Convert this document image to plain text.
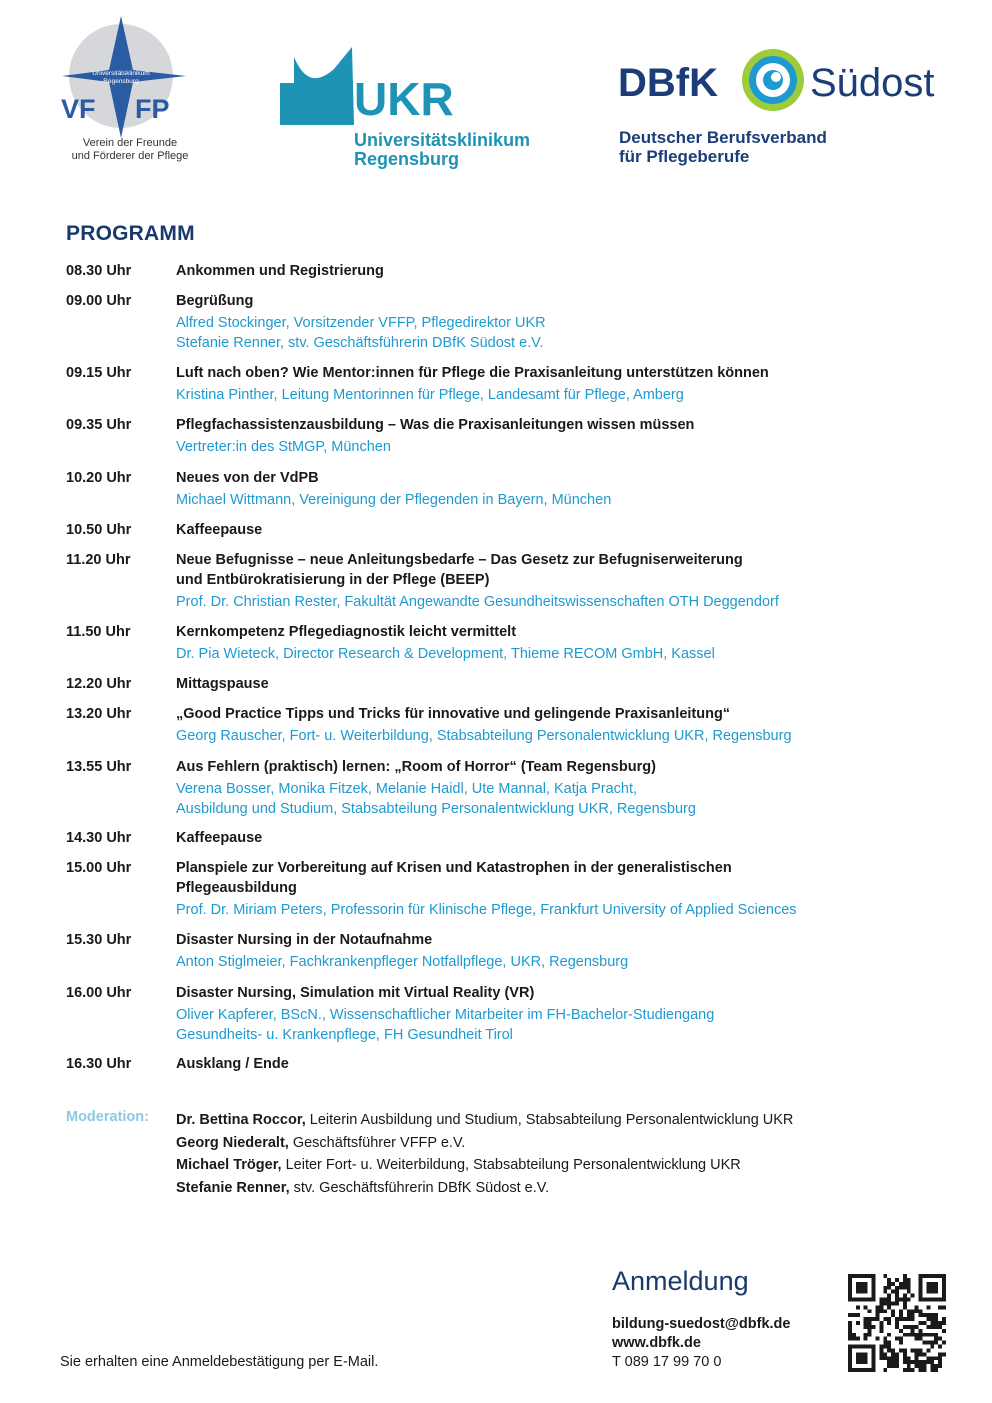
Universitätsklinikum
Regensburg
VF FP
Verein der Freunde
und Förderer der Pflege
UKR
Universitätsklinikum
Regensburg
DBfK Südost
Deutscher Berufsverband
für Pflegeberufe
PROGRAMM
08.30 Uhr	Ankommen und Registrierung
09.00 Uhr	Begrüßung
Alfred Stockinger, Vorsitzender VFFP, Pflegedirektor UKR
Stefanie Renner, stv. Geschäftsführerin DBfK Südost e.V.
09.15 Uhr	Luft nach oben? Wie Mentor:innen für Pflege die Praxisanleitung unterstützen können
Kristina Pinther, Leitung Mentorinnen für Pflege, Landesamt für Pflege, Amberg
09.35 Uhr	Pflegfachassistenzausbildung – Was die Praxisanleitungen wissen müssen
Vertreter:in des StMGP, München
10.20 Uhr	Neues von der VdPB
Michael Wittmann, Vereinigung der Pflegenden in Bayern, München
10.50 Uhr	Kaffeepause
11.20 Uhr	Neue Befugnisse – neue Anleitungsbedarfe – Das Gesetz zur Befugniserweiterung
und Entbürokratisierung in der Pflege (BEEP)
Prof. Dr. Christian Rester, Fakultät Angewandte Gesundheitswissenschaften OTH Deggendorf
11.50 Uhr	Kernkompetenz Pflegediagnostik leicht vermittelt
Dr. Pia Wieteck, Director Research & Development, Thieme RECOM GmbH, Kassel
12.20 Uhr	Mittagspause
13.20 Uhr	„Good Practice Tipps und Tricks für innovative und gelingende Praxisanleitung“
Georg Rauscher, Fort- u. Weiterbildung, Stabsabteilung Personalentwicklung UKR, Regensburg
13.55 Uhr	Aus Fehlern (praktisch) lernen: „Room of Horror“ (Team Regensburg)
Verena Bosser, Monika Fitzek, Melanie Haidl, Ute Mannal, Katja Pracht,
Ausbildung und Studium, Stabsabteilung Personalentwicklung UKR, Regensburg
14.30 Uhr	Kaffeepause
15.00 Uhr	Planspiele zur Vorbereitung auf Krisen und Katastrophen in der generalistischen
Pflegeausbildung
Prof. Dr. Miriam Peters, Professorin für Klinische Pflege, Frankfurt University of Applied Sciences
15.30 Uhr	Disaster Nursing in der Notaufnahme
Anton Stiglmeier, Fachkrankenpfleger Notfallpflege, UKR, Regensburg
16.00 Uhr	Disaster Nursing, Simulation mit Virtual Reality (VR)
Oliver Kapferer, BScN., Wissenschaftlicher Mitarbeiter im FH-Bachelor-Studiengang
Gesundheits- u. Krankenpflege, FH Gesundheit Tirol
16.30 Uhr	Ausklang / Ende
Moderation: Dr. Bettina Roccor, Leiterin Ausbildung und Studium, Stabsabteilung Personalentwicklung UKR
Georg Niederalt, Geschäftsführer VFFP e.V.
Michael Tröger, Leiter Fort- u. Weiterbildung, Stabsabteilung Personalentwicklung UKR
Stefanie Renner, stv. Geschäftsführerin DBfK Südost e.V.
Anmeldung
bildung-suedost@dbfk.de
www.dbfk.de
T 089 17 99 70 0
Sie erhalten eine Anmeldebestätigung per E-Mail.
